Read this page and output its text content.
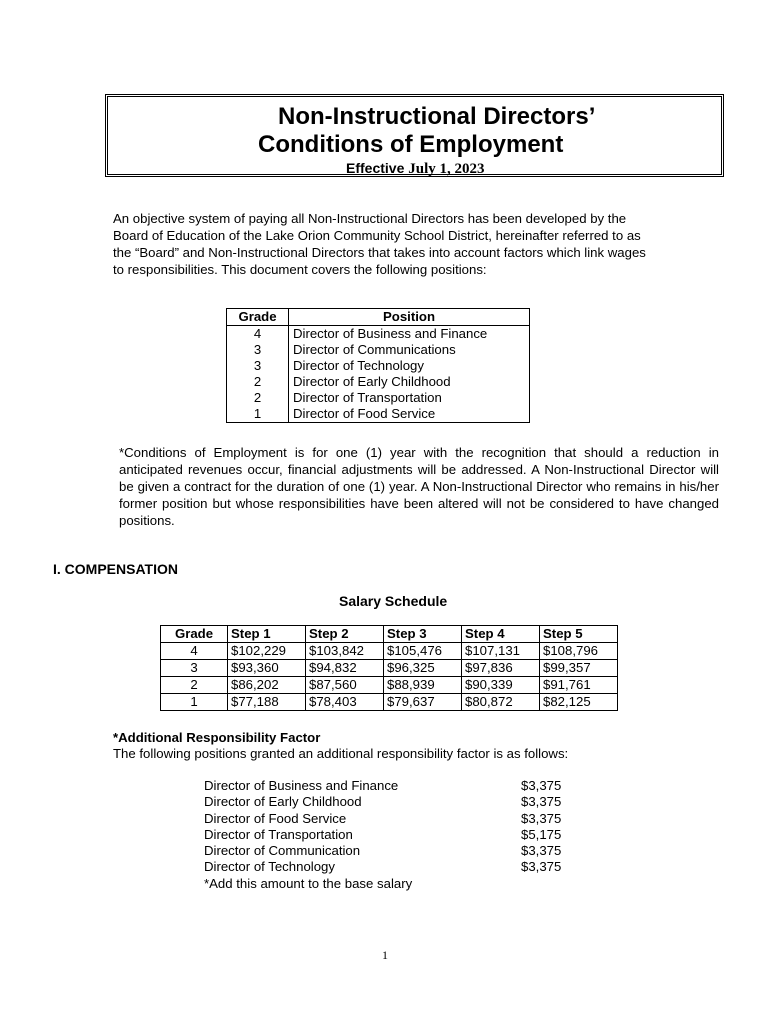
Non-Instructional Directors’
Conditions of Employment
Effective July 1, 2023
An objective system of paying all Non-Instructional Directors has been developed by the Board of Education of the Lake Orion Community School District, hereinafter referred to as the “Board” and Non-Instructional Directors that takes into account factors which link wages to responsibilities. This document covers the following positions:
Grade	Position
4	Director of Business and Finance
3	Director of Communications
3	Director of Technology
2	Director of Early Childhood
2	Director of Transportation
1	Director of Food Service
*Conditions of Employment is for one (1) year with the recognition that should a reduction in anticipated revenues occur, financial adjustments will be addressed. A Non-Instructional Director will be given a contract for the duration of one (1) year. A Non-Instructional Director who remains in his/her former position but whose responsibilities have been altered will not be considered to have changed positions.
I. COMPENSATION
Salary Schedule
Grade	Step 1	Step 2	Step 3	Step 4	Step 5
4	$102,229	$103,842	$105,476	$107,131	$108,796
3	$93,360	$94,832	$96,325	$97,836	$99,357
2	$86,202	$87,560	$88,939	$90,339	$91,761
1	$77,188	$78,403	$79,637	$80,872	$82,125
*Additional Responsibility Factor
The following positions granted an additional responsibility factor is as follows:
Director of Business and Finance	$3,375
Director of Early Childhood	$3,375
Director of Food Service	$3,375
Director of Transportation	$5,175
Director of Communication	$3,375
Director of Technology	$3,375
*Add this amount to the base salary
1
